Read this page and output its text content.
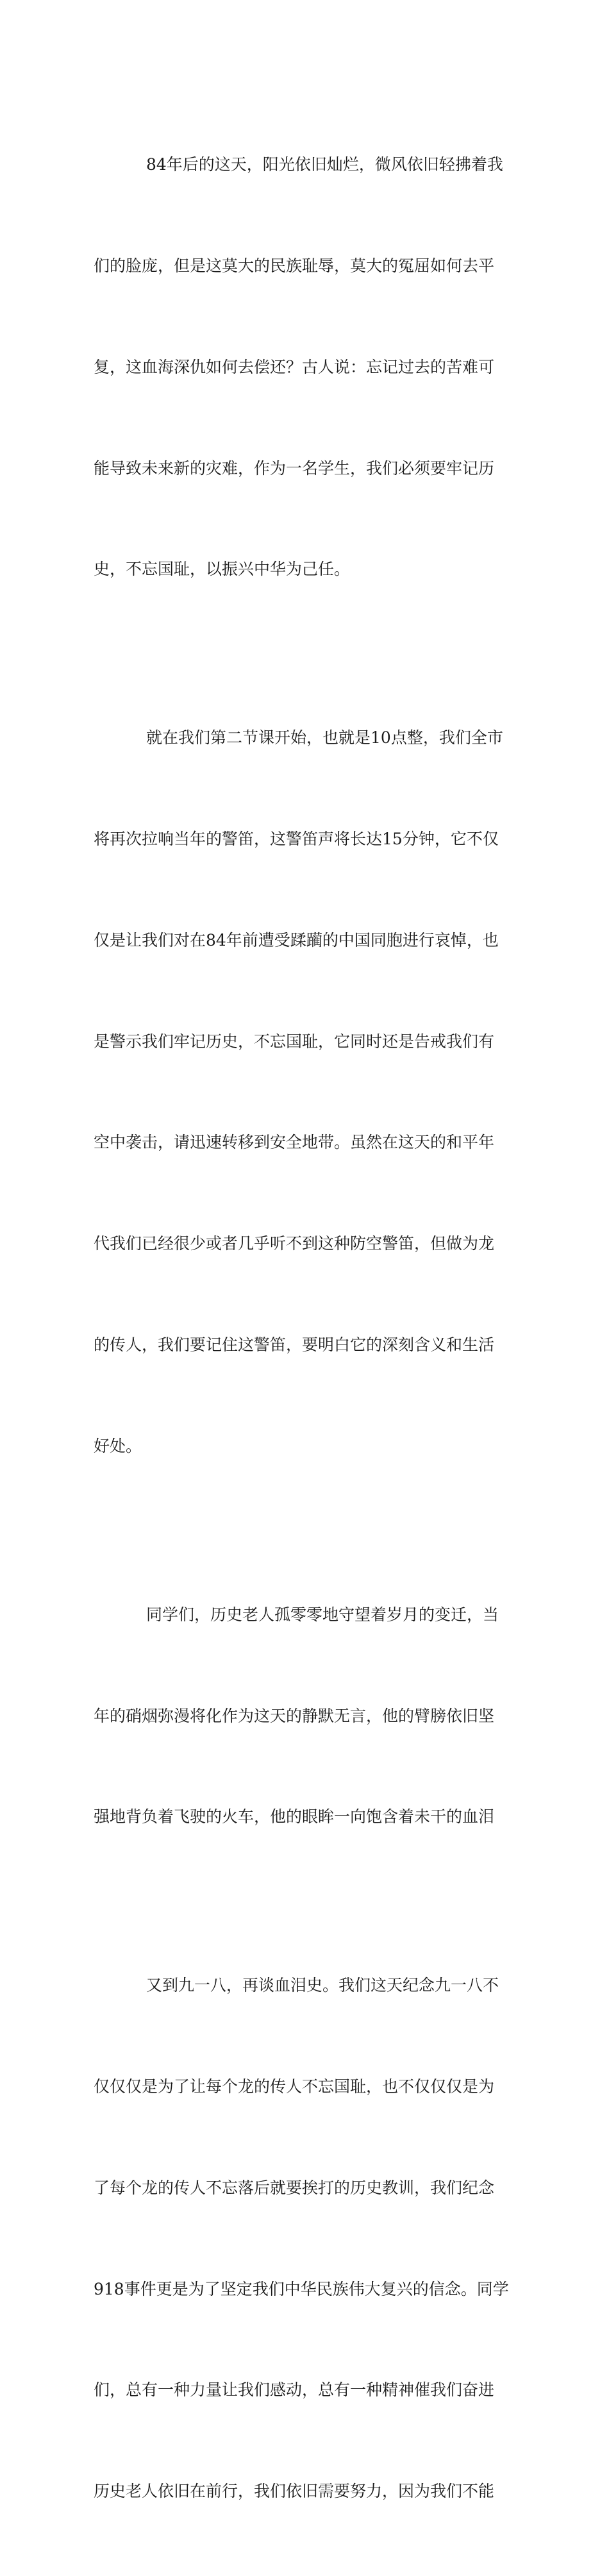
84年后的这天，阳光依旧灿烂，微风依旧轻拂着我

们的脸庞，但是这莫大的民族耻辱，莫大的冤屈如何去平

复，这血海深仇如何去偿还？古人说：忘记过去的苦难可

能导致未来新的灾难，作为一名学生，我们必须要牢记历

史，不忘国耻，以振兴中华为己任。

就在我们第二节课开始，也就是10点整，我们全市

将再次拉响当年的警笛，这警笛声将长达15分钟，它不仅

仅是让我们对在84年前遭受蹂躏的中国同胞进行哀悼，也

是警示我们牢记历史，不忘国耻，它同时还是告戒我们有

空中袭击，请迅速转移到安全地带。虽然在这天的和平年

代我们已经很少或者几乎听不到这种防空警笛，但做为龙

的传人，我们要记住这警笛，要明白它的深刻含义和生活

好处。

同学们，历史老人孤零零地守望着岁月的变迁，当

年的硝烟弥漫将化作为这天的静默无言，他的臂膀依旧坚

强地背负着飞驶的火车，他的眼眸一向饱含着未干的血泪

又到九一八，再谈血泪史。我们这天纪念九一八不

仅仅仅是为了让每个龙的传人不忘国耻，也不仅仅仅是为

了每个龙的传人不忘落后就要挨打的历史教训，我们纪念

918事件更是为了坚定我们中华民族伟大复兴的信念。同学

们，总有一种力量让我们感动，总有一种精神催我们奋进

历史老人依旧在前行，我们依旧需要努力，因为我们不能
